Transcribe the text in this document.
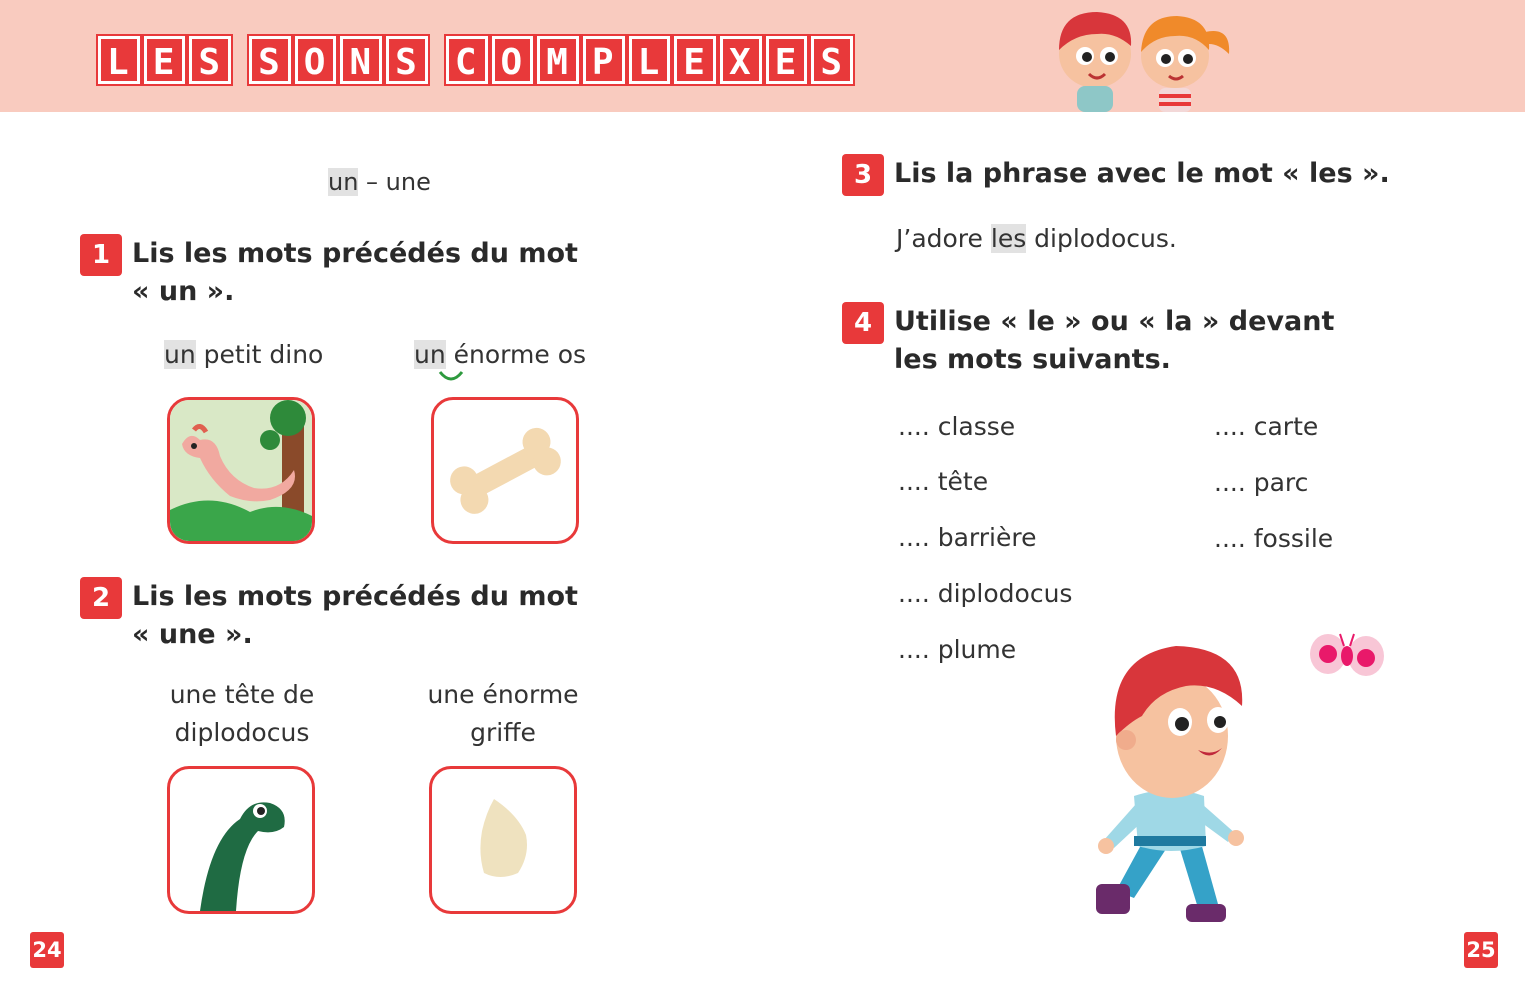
L E S S O N S C O M P L E X E S
un – une
1 Lis les mots précédés du mot
« un ».
un petit dino	un énorme os
2 Lis les mots précédés du mot
« une ».
une tête de
diplodocus
une énorme
griffe
24
3 Lis la phrase avec le mot « les ».
J’adore les diplodocus.
4 Utilise « le » ou « la » devant
les mots suivants.
.... classe
.... tête
.... barrière
.... diplodocus
.... plume
.... carte
.... parc
.... fossile
25
